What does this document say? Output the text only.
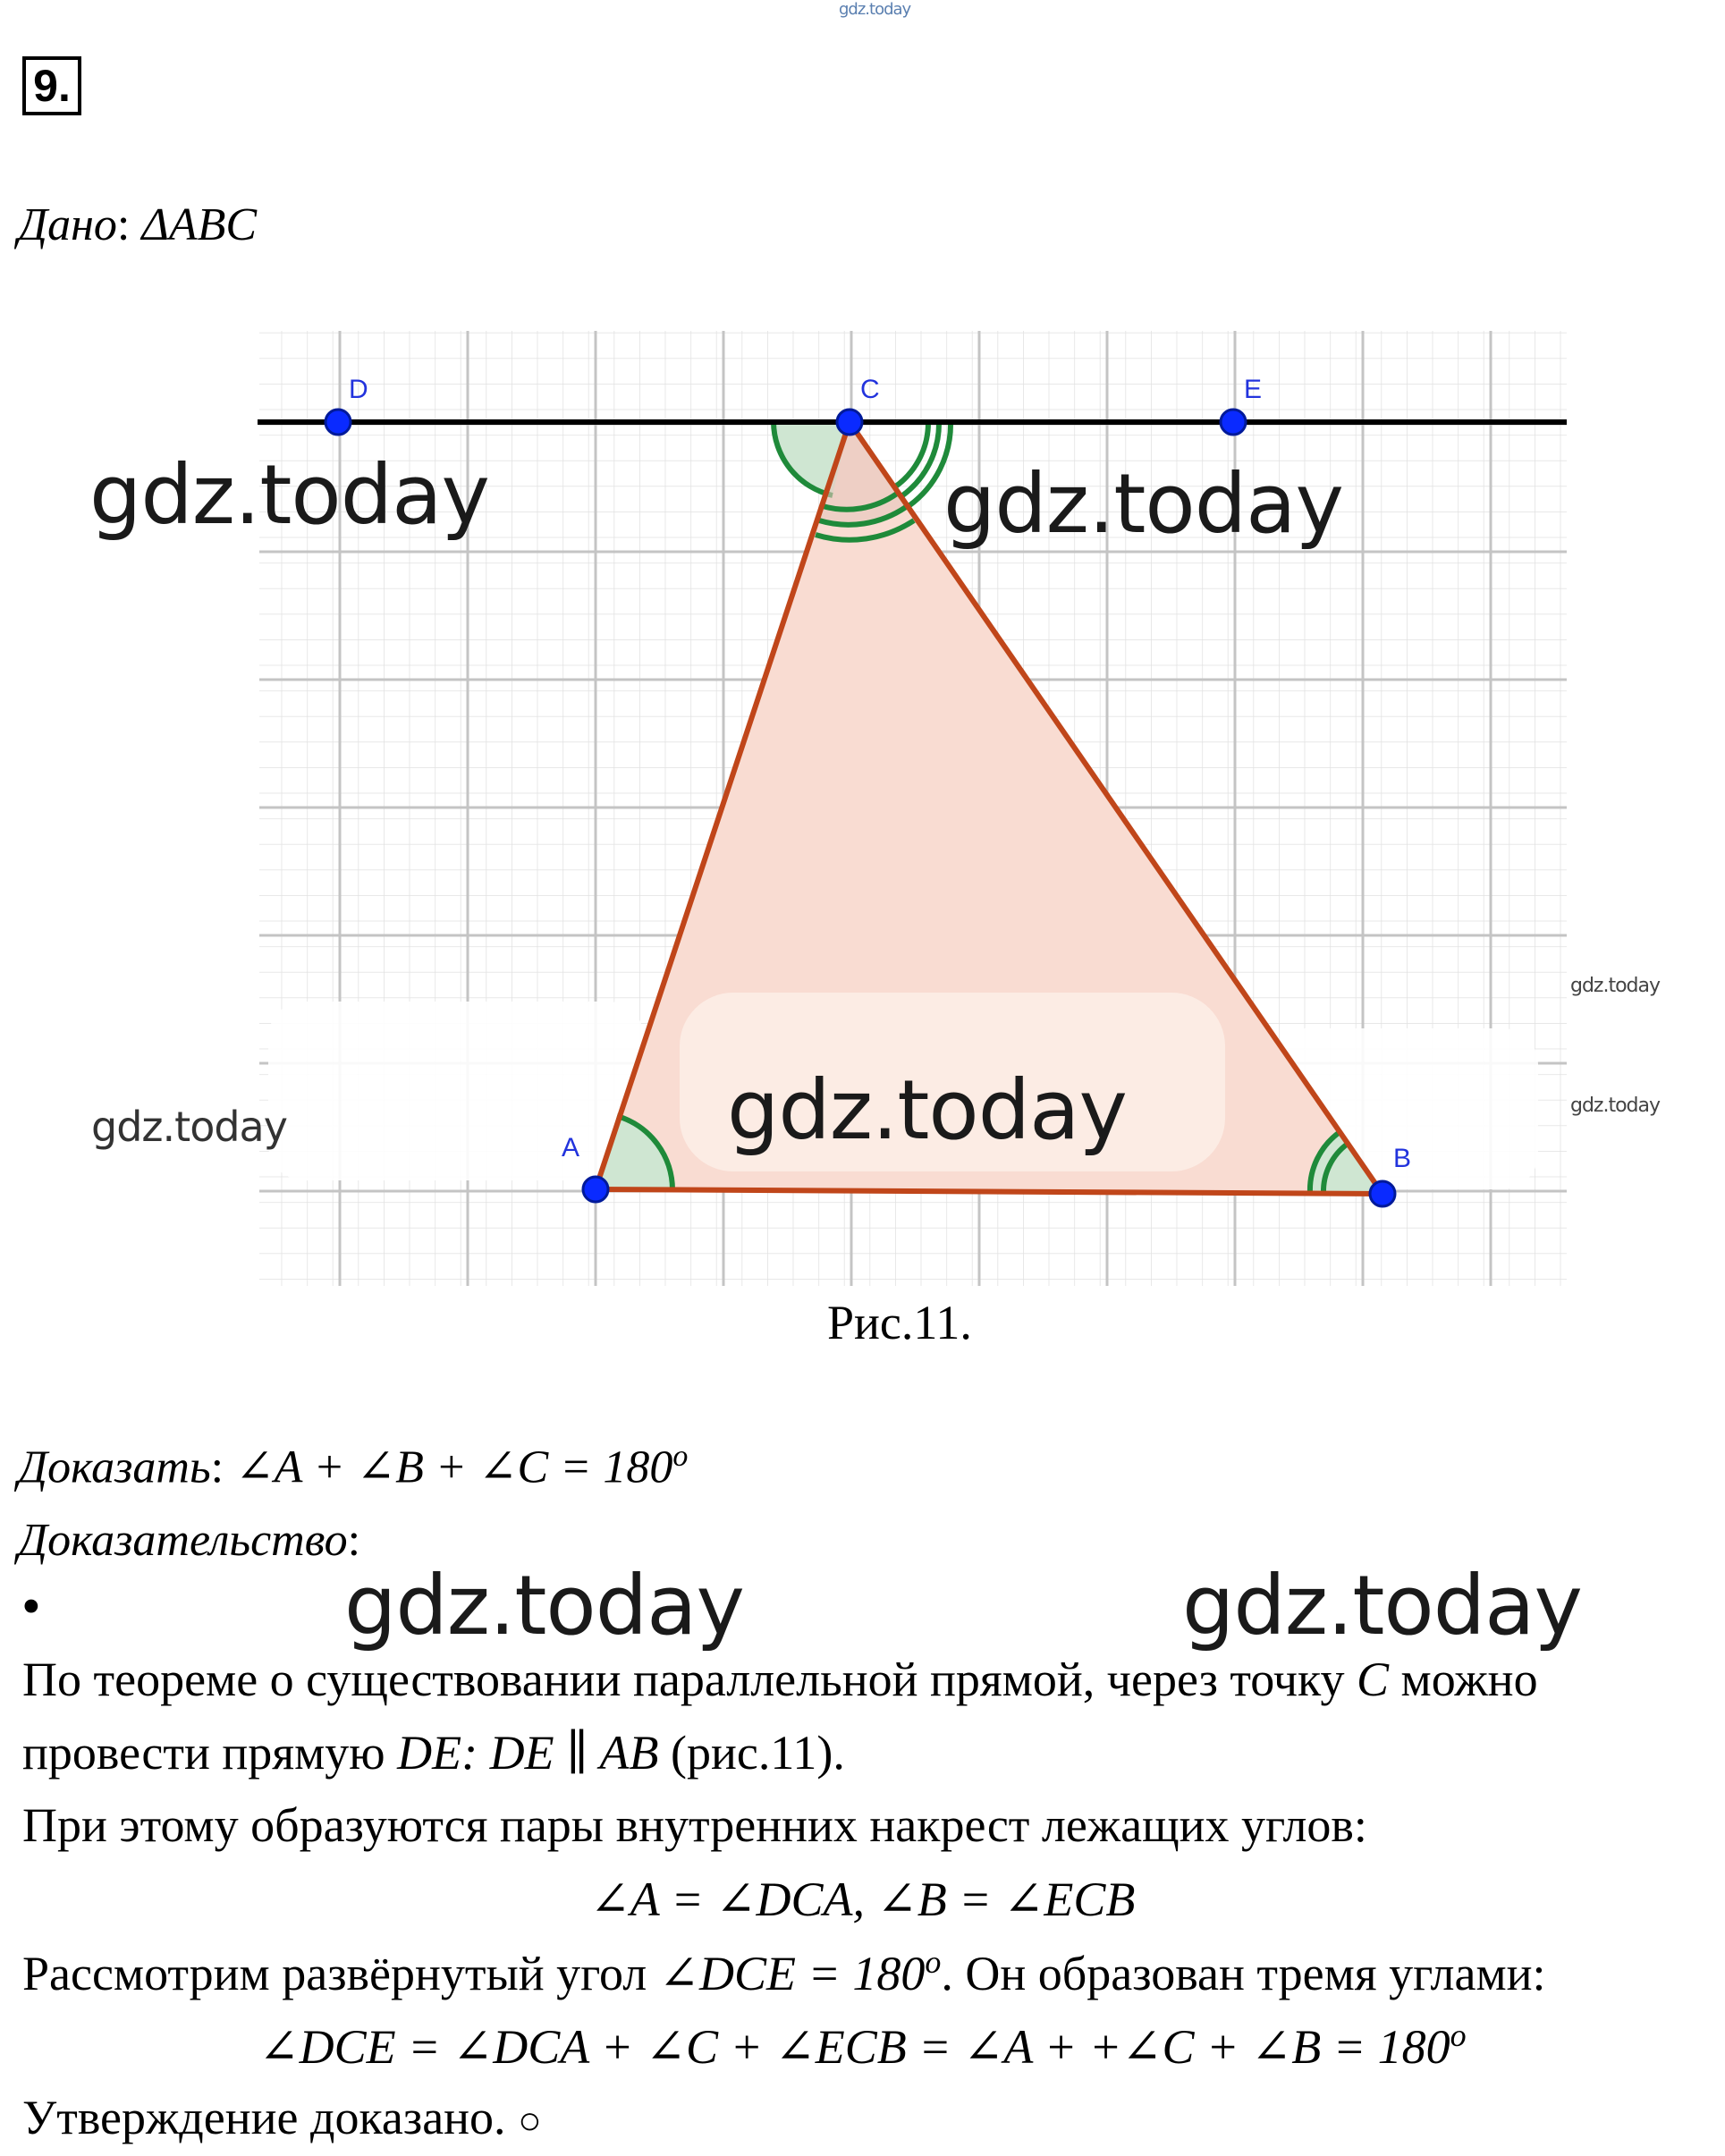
gdz.today
9.
Дано: ΔABC
D	C	E
A	B
gdz.today	gdz.today
gdz.today
gdz.today
gdz.today
gdz.today
Рис.11.
Доказать: ∠A + ∠B + ∠C = $180^o$
Доказательство:
•	gdz.today	gdz.today
По теореме о существовании параллельной прямой, через точку C можно
провести прямую DE: DE ∥ AB (рис.11).
При этому образуются пары внутренних накрест лежащих углов:
∠A = ∠DCA, ∠B = ∠ECB
Рассмотрим развёрнутый угол ∠DCE = $180^o$. Он образован тремя углами:
∠DCE = ∠DCA + ∠C + ∠ECB = ∠A + +∠C + ∠B = $180^o$
Утверждение доказано. ○
